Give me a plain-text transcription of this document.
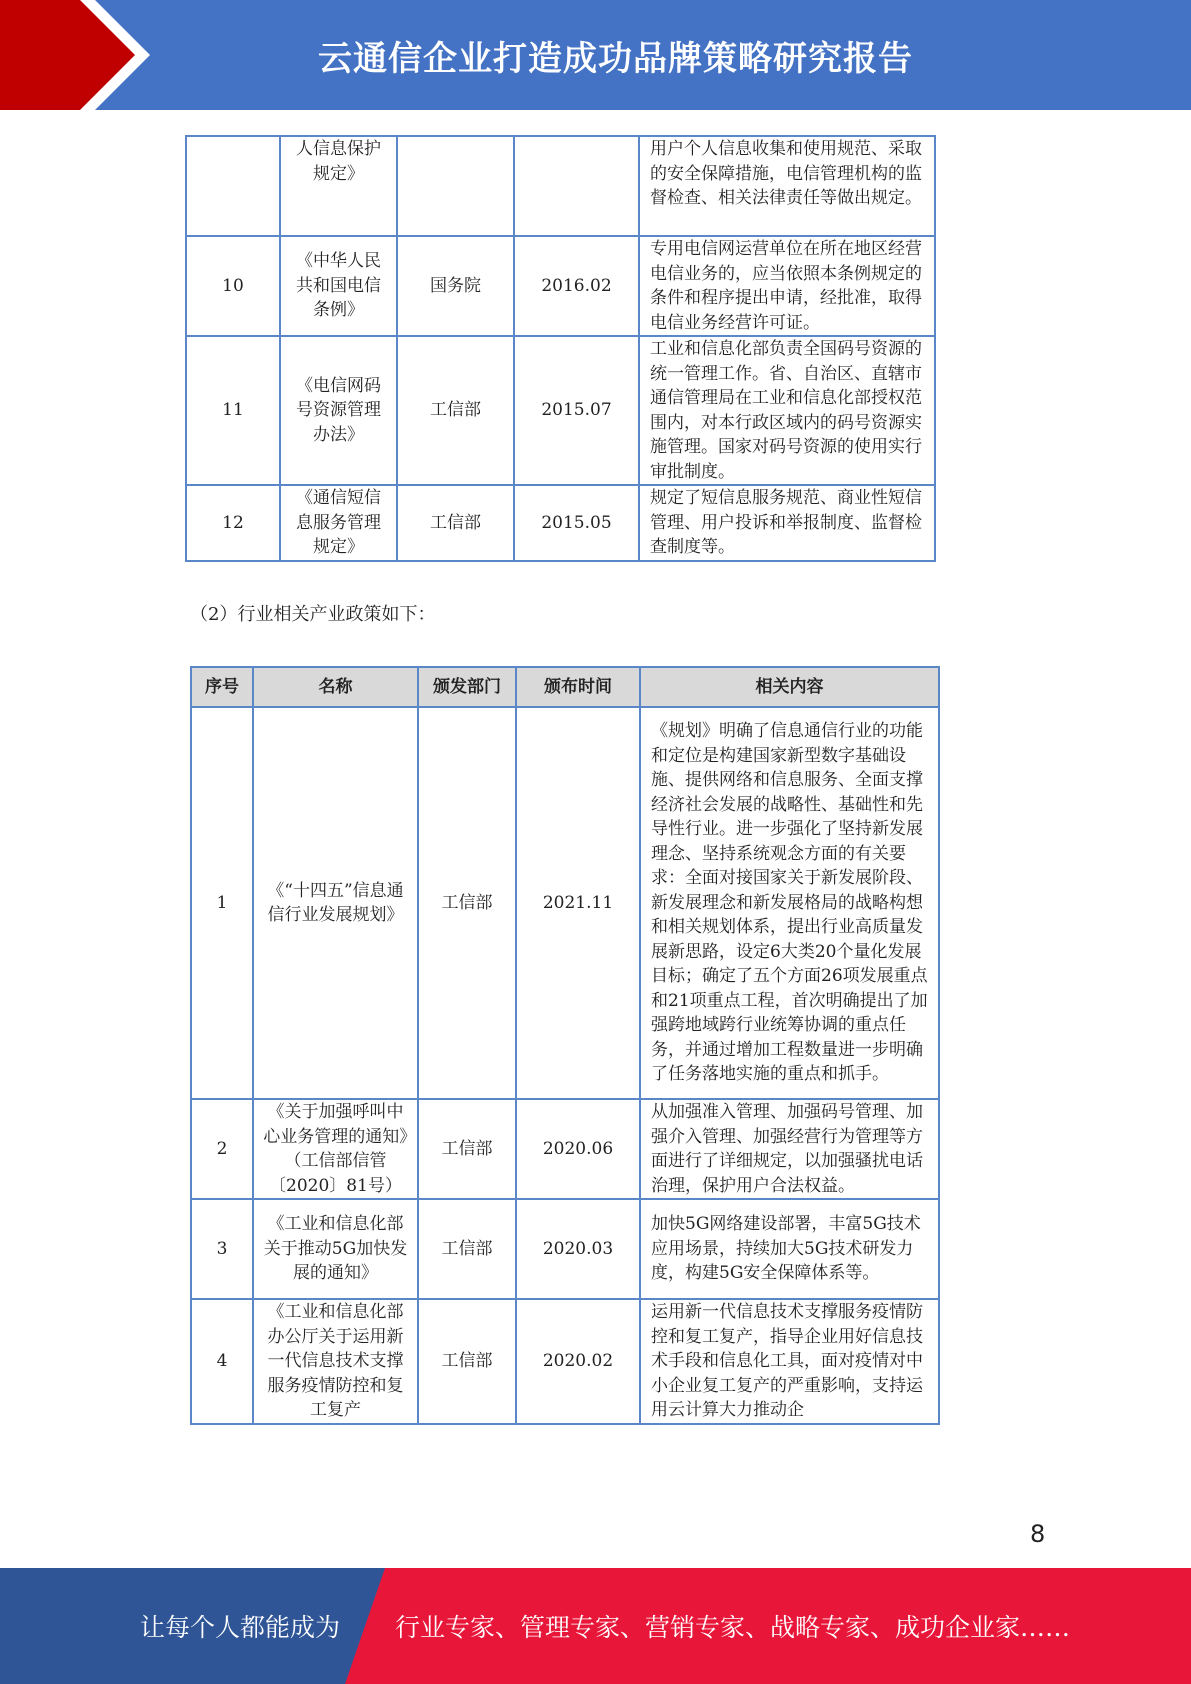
云通信企业打造成功品牌策略研究报告
	人信息保护规定》			用户个人信息收集和使用规范、采取的安全保障措施，电信管理机构的监督检查、相关法律责任等做出规定。
10	《中华人民共和国电信条例》	国务院	2016.02	专用电信网运营单位在所在地区经营电信业务的，应当依照本条例规定的条件和程序提出申请，经批准，取得电信业务经营许可证。
11	《电信网码号资源管理办法》	工信部	2015.07	工业和信息化部负责全国码号资源的统一管理工作。省、自治区、直辖市通信管理局在工业和信息化部授权范围内，对本行政区域内的码号资源实施管理。国家对码号资源的使用实行审批制度。
12	《通信短信息服务管理规定》	工信部	2015.05	规定了短信息服务规范、商业性短信管理、用户投诉和举报制度、监督检查制度等。
（2）行业相关产业政策如下：
序号	名称	颁发部门	颁布时间	相关内容
1	《“十四五”信息通信行业发展规划》	工信部	2021.11	《规划》明确了信息通信行业的功能和定位是构建国家新型数字基础设施、提供网络和信息服务、全面支撑经济社会发展的战略性、基础性和先导性行业。进一步强化了坚持新发展理念、坚持系统观念方面的有关要求：全面对接国家关于新发展阶段、新发展理念和新发展格局的战略构想和相关规划体系，提出行业高质量发展新思路，设定6大类20个量化发展目标；确定了五个方面26项发展重点和21项重点工程，首次明确提出了加强跨地域跨行业统筹协调的重点任务，并通过增加工程数量进一步明确了任务落地实施的重点和抓手。
2	《关于加强呼叫中心业务管理的通知》（工信部信管〔2020〕81号）	工信部	2020.06	从加强准入管理、加强码号管理、加强介入管理、加强经营行为管理等方面进行了详细规定，以加强骚扰电话治理，保护用户合法权益。
3	《工业和信息化部关于推动5G加快发展的通知》	工信部	2020.03	加快5G网络建设部署，丰富5G技术应用场景，持续加大5G技术研发力度，构建5G安全保障体系等。
4	《工业和信息化部办公厅关于运用新一代信息技术支撑服务疫情防控和复工复产	工信部	2020.02	运用新一代信息技术支撑服务疫情防控和复工复产，指导企业用好信息技术手段和信息化工具，面对疫情对中小企业复工复产的严重影响，支持运用云计算大力推动企
8
让每个人都能成为 行业专家、管理专家、营销专家、战略专家、成功企业家……
